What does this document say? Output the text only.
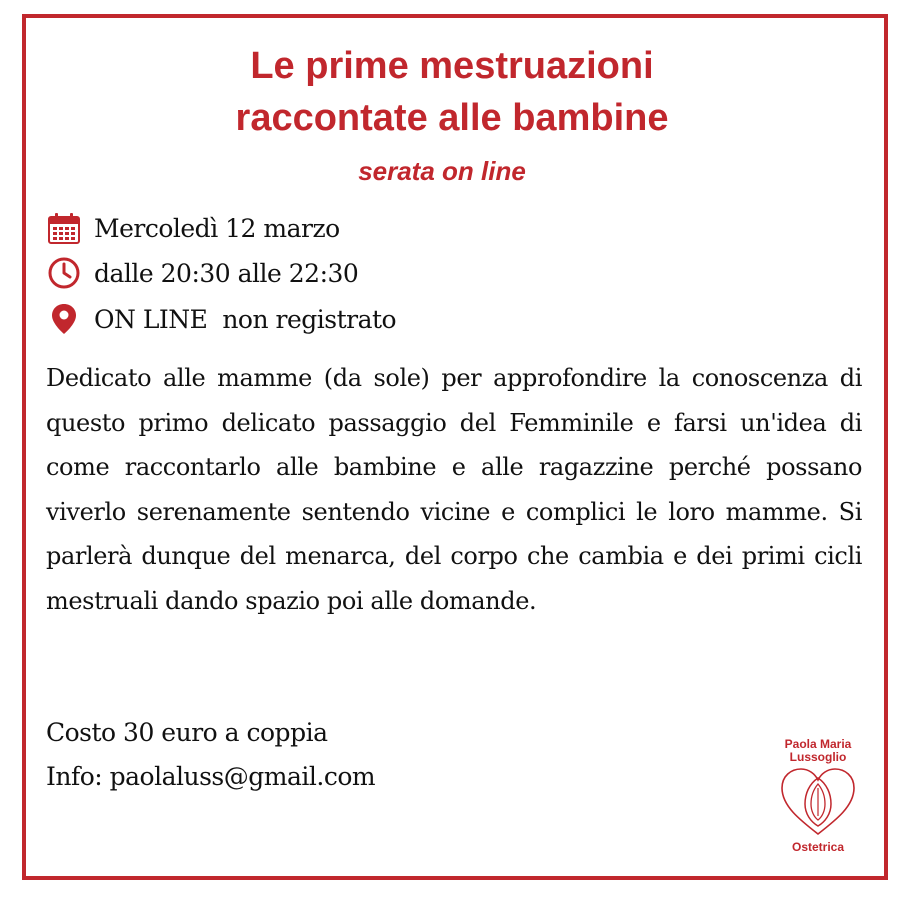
Le prime mestruazioni
raccontate alle bambine

serata on line

Mercoledì 12 marzo
dalle 20:30 alle 22:30
ON LINE  non registrato

Dedicato alle mamme (da sole) per approfondire la conoscenza di questo primo delicato passaggio del Femminile e farsi un'idea di come raccontarlo alle bambine e alle ragazzine perché possano viverlo serenamente sentendo vicine e complici le loro mamme. Si parlerà dunque del menarca, del corpo che cambia e dei primi cicli mestruali dando spazio poi alle domande.

Costo 30 euro a coppia
Info: paolaluss@gmail.com
Paola Maria
Lussoglio
Ostetrica
